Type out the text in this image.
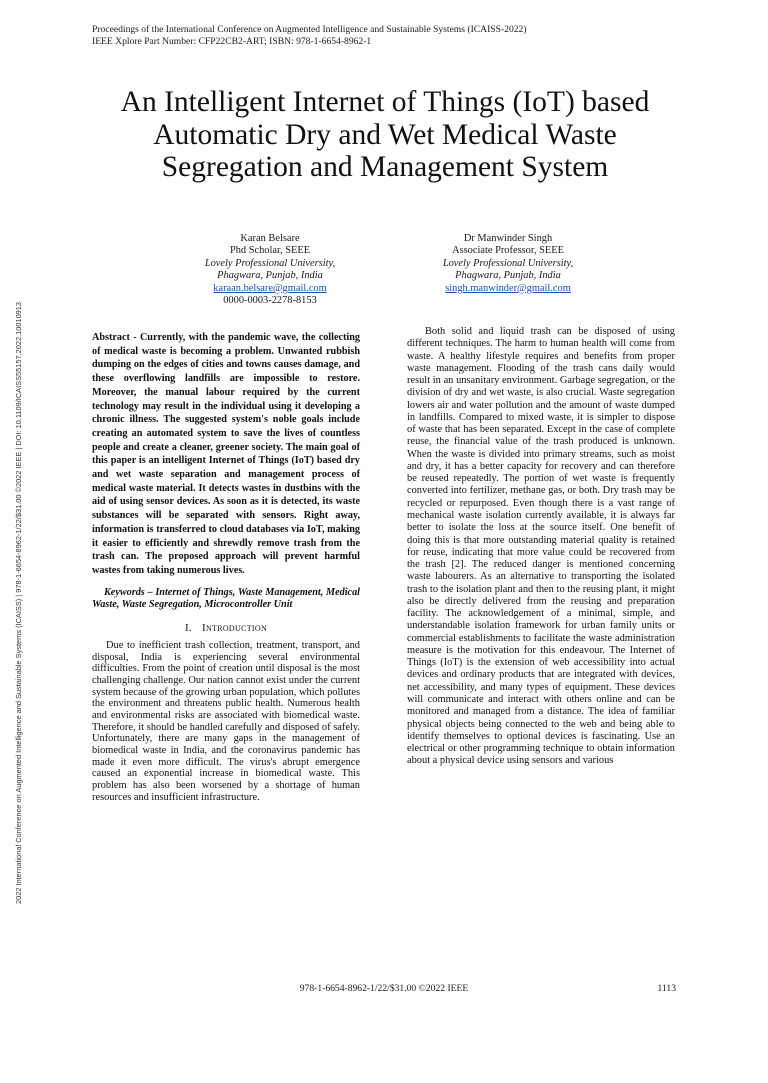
Proceedings of the International Conference on Augmented Intelligence and Sustainable Systems (ICAISS-2022)
IEEE Xplore Part Number: CFP22CB2-ART; ISBN: 978-1-6654-8962-1
2022 International Conference on Augmented Intelligence and Sustainable Systems (ICAISS) | 978-1-6654-8962-1/22/$31.00 ©2022 IEEE | DOI: 10.1109/ICAISS55157.2022.10010913
An Intelligent Internet of Things (IoT) based
Automatic Dry and Wet Medical Waste
Segregation and Management System
Karan Belsare
Phd Scholar, SEEE
Lovely Professional University,
Phagwara, Punjab, India
karaan.belsare@gmail.com
0000-0003-2278-8153
Dr Manwinder Singh
Associate Professor, SEEE
Lovely Professional University,
Phagwara, Punjab, India
singh.manwinder@gmail.com

Abstract - Currently, with the pandemic wave, the collecting of medical waste is becoming a problem. Unwanted rubbish dumping on the edges of cities and towns causes damage, and these overflowing landfills are impossible to restore. Moreover, the manual labour required by the current technology may result in the individual using it developing a chronic illness. The suggested system's noble goals include creating an automated system to save the lives of countless people and create a cleaner, greener society. The main goal of this paper is an intelligent Internet of Things (IoT) based dry and wet waste separation and management process of medical waste material. It detects wastes in dustbins with the aid of using sensor devices. As soon as it is detected, its waste substances will be separated with sensors. Right away, information is transferred to cloud databases via IoT, making it easier to efficiently and shrewdly remove trash from the trash can. The proposed approach will prevent harmful wastes from taking numerous lives.

Keywords – Internet of Things, Waste Management, Medical Waste, Waste Segregation, Microcontroller Unit

I. Introduction

Due to inefficient trash collection, treatment, transport, and disposal, India is experiencing several environmental difficulties. From the point of creation until disposal is the most challenging challenge. Our nation cannot exist under the current system because of the growing urban population, which pollutes the environment and threatens public health. Numerous health and environmental risks are associated with biomedical waste. Therefore, it should be handled carefully and disposed of safely. Unfortunately, there are many gaps in the management of biomedical waste in India, and the coronavirus pandemic has made it even more difficult. The virus's abrupt emergence caused an exponential increase in biomedical waste. This problem has also been worsened by a shortage of human resources and insufficient infrastructure.

Both solid and liquid trash can be disposed of using different techniques. The harm to human health will come from waste. A healthy lifestyle requires and benefits from proper waste management. Flooding of the trash cans daily would result in an unsanitary environment. Garbage segregation, or the division of dry and wet waste, is also crucial. Waste segregation lowers air and water pollution and the amount of waste dumped in landfills. Compared to mixed waste, it is simpler to dispose of waste that has been separated. Except in the case of complete reuse, the financial value of the trash produced is unknown. When the waste is divided into primary streams, such as moist and dry, it has a better capacity for recovery and can therefore be reused repeatedly. The portion of wet waste is frequently converted into fertilizer, methane gas, or both. Dry trash may be recycled or repurposed. Even though there is a vast range of mechanical waste isolation currently available, it is always far better to isolate the loss at the source itself. One benefit of doing this is that more outstanding material quality is retained for reuse, indicating that more value could be recovered from the trash [2]. The reduced danger is mentioned concerning waste labourers. As an alternative to transporting the isolated trash to the isolation plant and then to the reusing plant, it might also be directly delivered from the reusing and preparation facility. The acknowledgement of a minimal, simple, and understandable isolation framework for urban family units or commercial establishments to facilitate the waste administration measure is the motivation for this endeavour. The Internet of Things (IoT) is the extension of web accessibility into actual devices and ordinary products that are integrated with devices, net accessibility, and many types of equipment. These devices will communicate and interact with others online and can be monitored and managed from a distance. The idea of familiar physical objects being connected to the web and being able to identify themselves to optional devices is fascinating. Use an electrical or other programming technique to obtain information about a physical device using sensors and various

978-1-6654-8962-1/22/$31.00 ©2022 IEEE	1113
